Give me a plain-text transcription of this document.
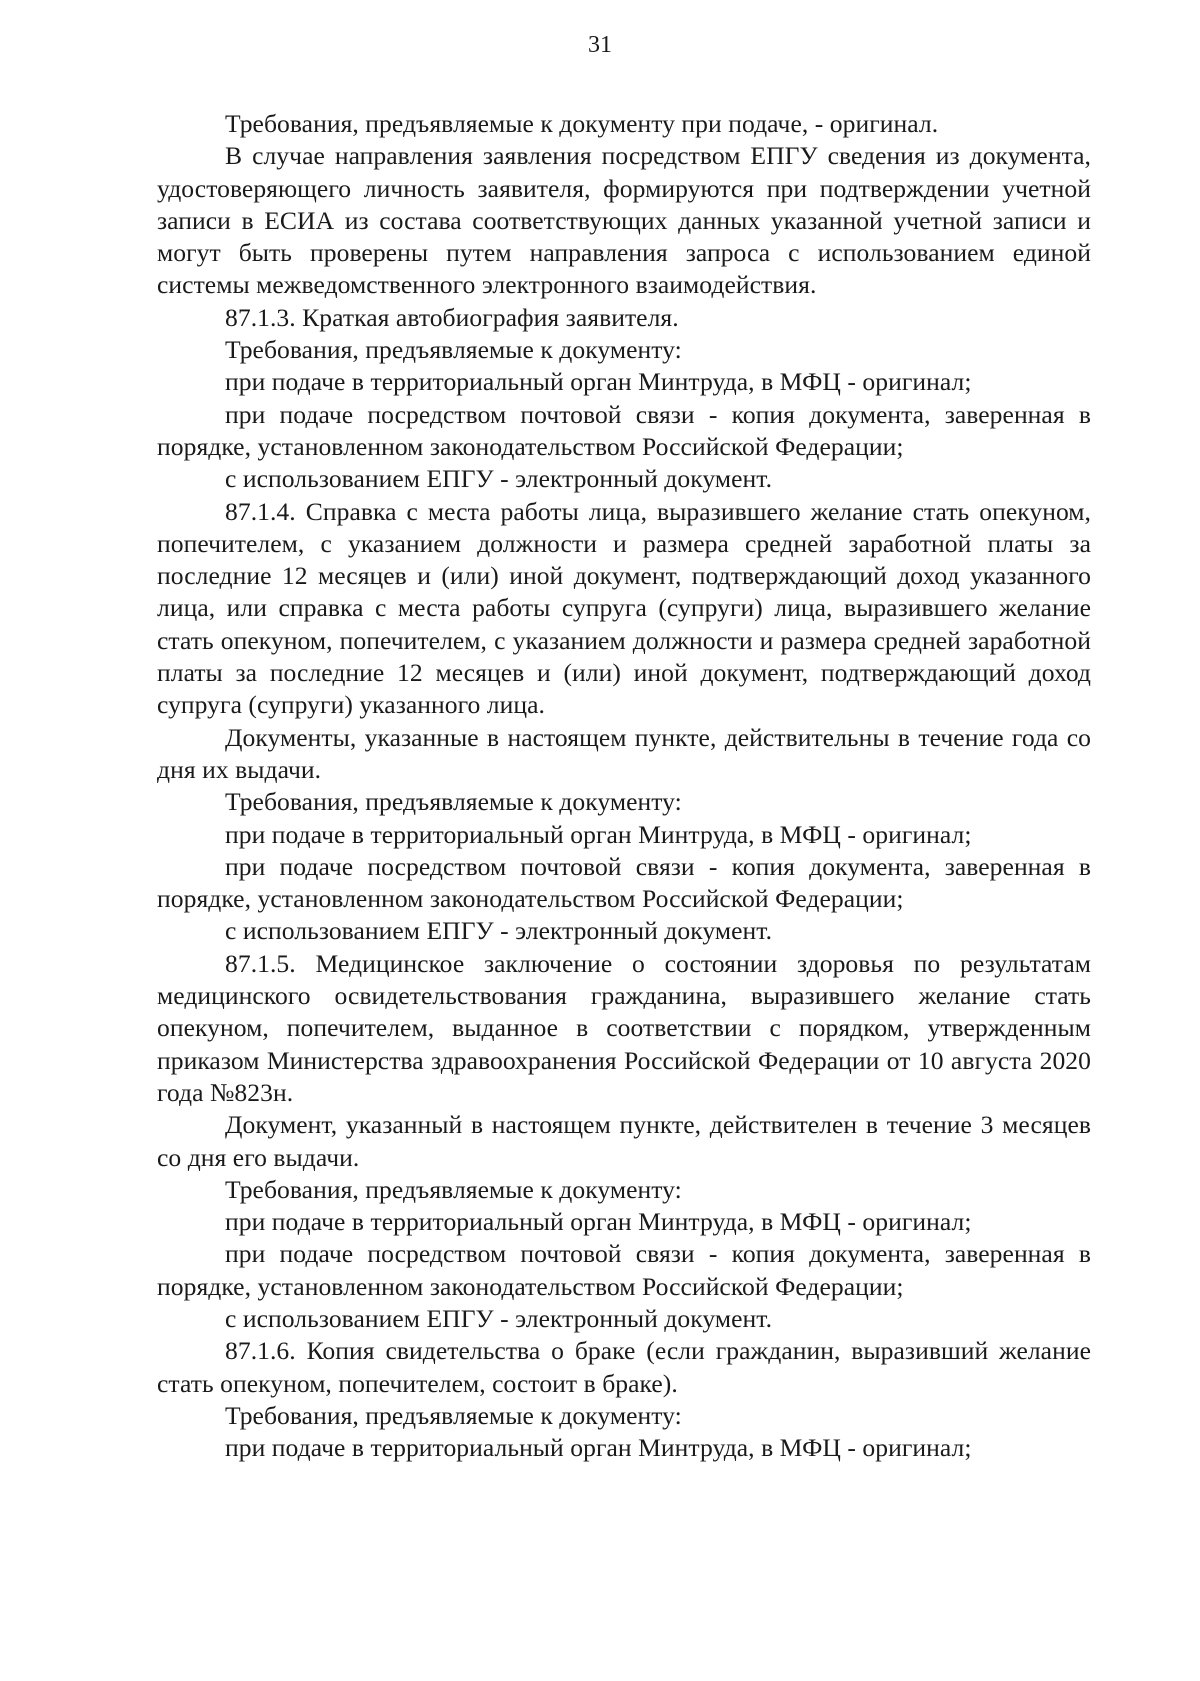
31

Требования, предъявляемые к документу при подаче, - оригинал.

В случае направления заявления посредством ЕПГУ сведения из документа, удостоверяющего личность заявителя, формируются при подтверждении учетной записи в ЕСИА из состава соответствующих данных указанной учетной записи и могут быть проверены путем направления запроса с использованием единой системы межведомственного электронного взаимодействия.

87.1.3. Краткая автобиография заявителя.

Требования, предъявляемые к документу:

при подаче в территориальный орган Минтруда, в МФЦ - оригинал;

при подаче посредством почтовой связи - копия документа, заверенная в порядке, установленном законодательством Российской Федерации;

с использованием ЕПГУ - электронный документ.

87.1.4. Справка с места работы лица, выразившего желание стать опекуном, попечителем, с указанием должности и размера средней заработной платы за последние 12 месяцев и (или) иной документ, подтверждающий доход указанного лица, или справка с места работы супруга (супруги) лица, выразившего желание стать опекуном, попечителем, с указанием должности и размера средней заработной платы за последние 12 месяцев и (или) иной документ, подтверждающий доход супруга (супруги) указанного лица.

Документы, указанные в настоящем пункте, действительны в течение года со дня их выдачи.

Требования, предъявляемые к документу:

при подаче в территориальный орган Минтруда, в МФЦ - оригинал;

при подаче посредством почтовой связи - копия документа, заверенная в порядке, установленном законодательством Российской Федерации;

с использованием ЕПГУ - электронный документ.

87.1.5. Медицинское заключение о состоянии здоровья по результатам медицинского освидетельствования гражданина, выразившего желание стать опекуном, попечителем, выданное в соответствии с порядком, утвержденным приказом Министерства здравоохранения Российской Федерации от 10 августа 2020 года №823н.

Документ, указанный в настоящем пункте, действителен в течение 3 месяцев со дня его выдачи.

Требования, предъявляемые к документу:

при подаче в территориальный орган Минтруда, в МФЦ - оригинал;

при подаче посредством почтовой связи - копия документа, заверенная в порядке, установленном законодательством Российской Федерации;

с использованием ЕПГУ - электронный документ.

87.1.6. Копия свидетельства о браке (если гражданин, выразивший желание стать опекуном, попечителем, состоит в браке).

Требования, предъявляемые к документу:

при подаче в территориальный орган Минтруда, в МФЦ - оригинал;
